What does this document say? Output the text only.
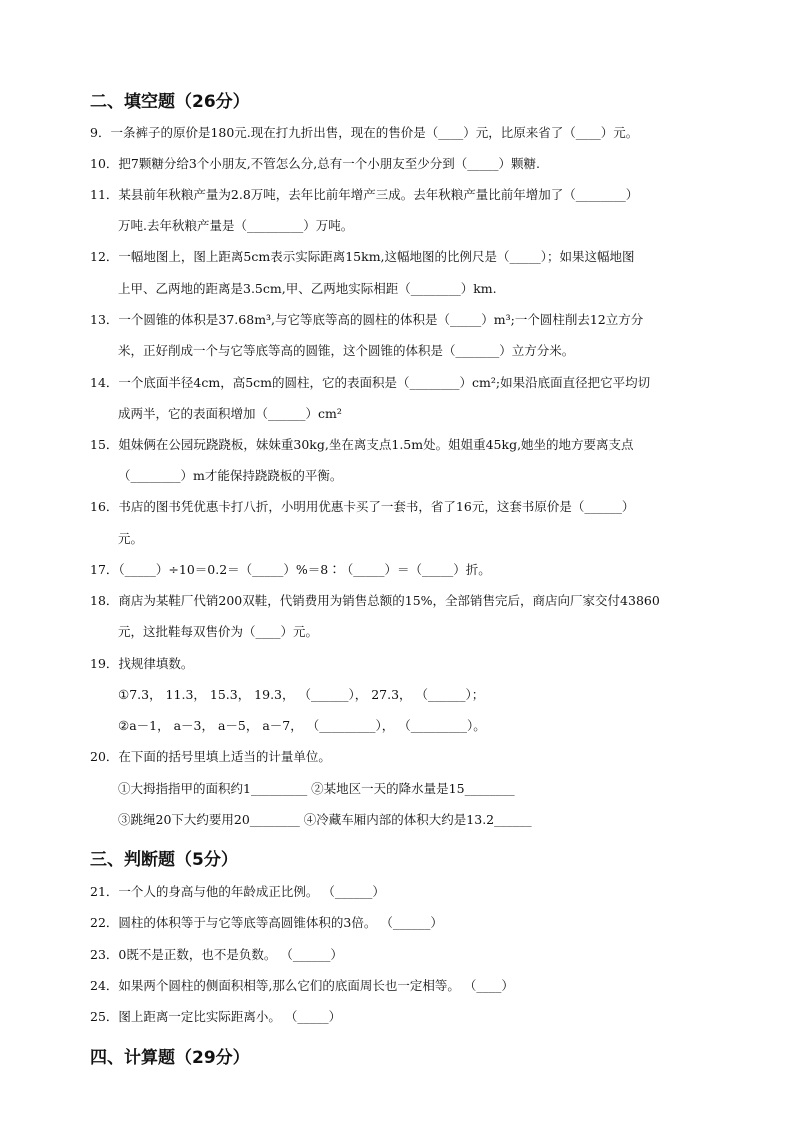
二、填空题（26分）
9．一条裤子的原价是180元.现在打九折出售，现在的售价是（____）元，比原来省了（____）元。
10．把7颗糖分给3个小朋友,不管怎么分,总有一个小朋友至少分到（_____）颗糖.
11．某县前年秋粮产量为2.8万吨，去年比前年增产三成。去年秋粮产量比前年增加了（________）
万吨.去年秋粮产量是（_________）万吨。
12．一幅地图上，图上距离5cm表示实际距离15km,这幅地图的比例尺是（_____）；如果这幅地图
上甲、乙两地的距离是3.5cm,甲、乙两地实际相距（________）km.
13．一个圆锥的体积是37.68m³,与它等底等高的圆柱的体积是（_____）m³;一个圆柱削去12立方分
米，正好削成一个与它等底等高的圆锥，这个圆锥的体积是（_______）立方分米。
14．一个底面半径4cm，高5cm的圆柱，它的表面积是（________）cm²;如果沿底面直径把它平均切
成两半，它的表面积增加（______）cm²
15．姐妹俩在公园玩跷跷板，妹妹重30kg,坐在离支点1.5m处。姐姐重45kg,她坐的地方要离支点
（________）m才能保持跷跷板的平衡。
16．书店的图书凭优惠卡打八折，小明用优惠卡买了一套书，省了16元，这套书原价是（______）
元。
17．（_____）÷10＝0.2＝（_____）%＝8∶（_____）＝（_____）折。
18．商店为某鞋厂代销200双鞋，代销费用为销售总额的15%，全部销售完后，商店向厂家交付43860
元，这批鞋每双售价为（____）元。
19．找规律填数。
①7.3， 11.3， 15.3， 19.3， （______）， 27.3， （______）；
②a－1， a－3， a－5， a－7， （_________）， （_________）。
20．在下面的括号里填上适当的计量单位。
①大拇指指甲的面积约1_________ ②某地区一天的降水量是15________
③跳绳20下大约要用20________ ④冷藏车厢内部的体积大约是13.2______
三、判断题（5分）
21．一个人的身高与他的年龄成正比例。 （______）
22．圆柱的体积等于与它等底等高圆锥体积的3倍。 （______）
23．0既不是正数，也不是负数。 （______）
24．如果两个圆柱的侧面积相等,那么它们的底面周长也一定相等。 （____）
25．图上距离一定比实际距离小。 （_____）
四、计算题（29分）
